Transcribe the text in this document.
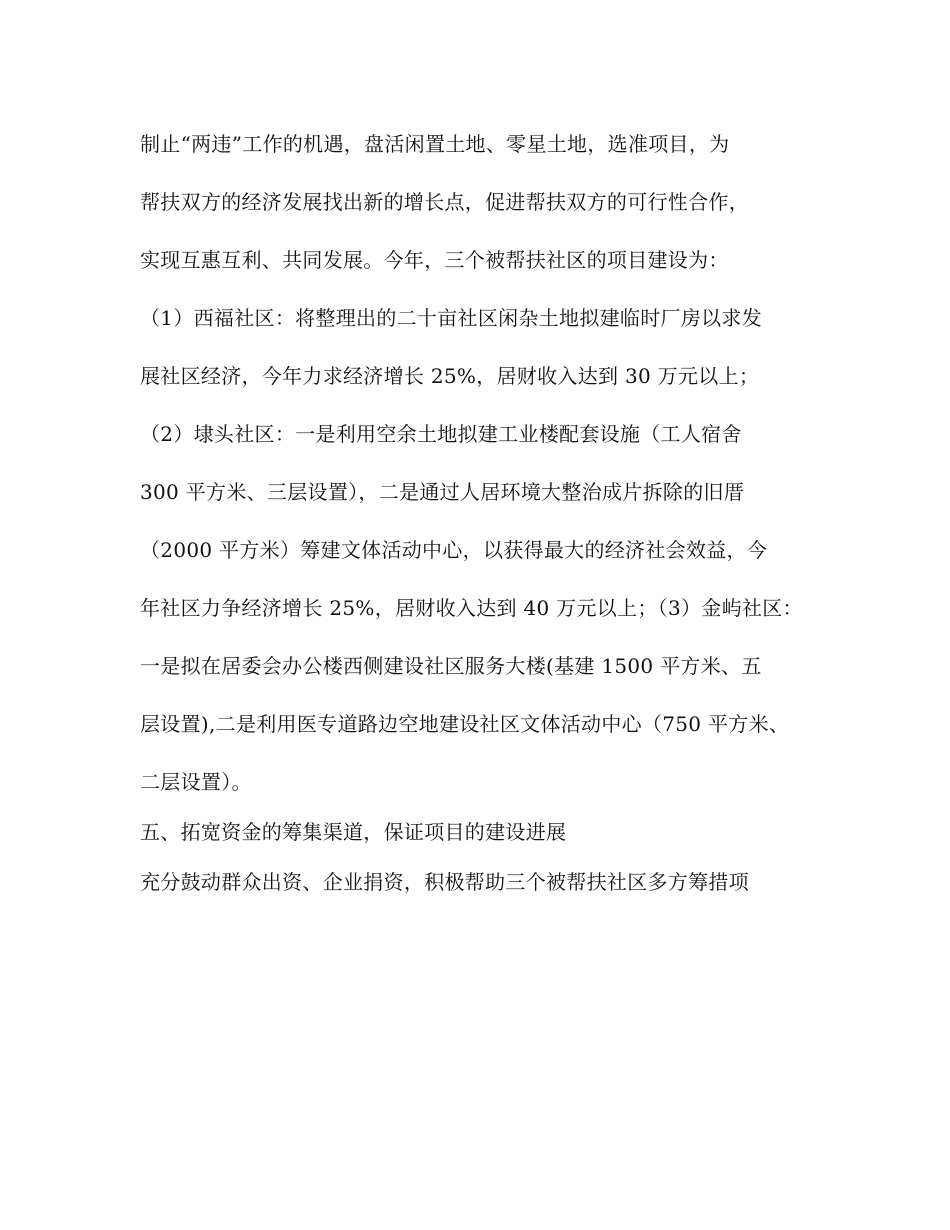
制止“两违”工作的机遇，盘活闲置土地、零星土地，选准项目，为

帮扶双方的经济发展找出新的增长点，促进帮扶双方的可行性合作，

实现互惠互利、共同发展。今年，三个被帮扶社区的项目建设为：

（1）西福社区：将整理出的二十亩社区闲杂土地拟建临时厂房以求发

展社区经济，今年力求经济增长 25%，居财收入达到 30 万元以上；

（2）埭头社区：一是利用空余土地拟建工业楼配套设施（工人宿舍

300 平方米、三层设置），二是通过人居环境大整治成片拆除的旧厝

（2000 平方米）筹建文体活动中心，以获得最大的经济社会效益，今

年社区力争经济增长 25%，居财收入达到 40 万元以上；（3）金屿社区：

一是拟在居委会办公楼西侧建设社区服务大楼(基建 1500 平方米、五

层设置),二是利用医专道路边空地建设社区文体活动中心（750 平方米、

二层设置）。

五、拓宽资金的筹集渠道，保证项目的建设进展

充分鼓动群众出资、企业捐资，积极帮助三个被帮扶社区多方筹措项
